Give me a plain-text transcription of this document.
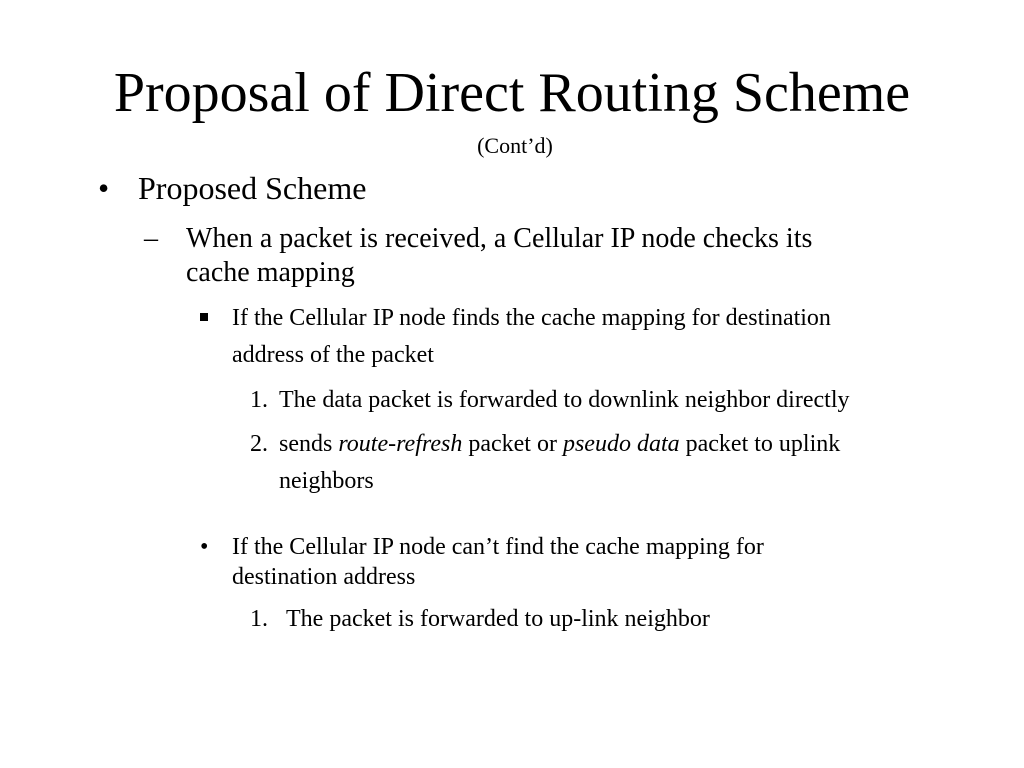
Proposal of Direct Routing Scheme
(Cont’d)
• Proposed Scheme
– When a packet is received, a Cellular IP node checks its
cache mapping
If the Cellular IP node finds the cache mapping for destination
address of the packet
1. The data packet is forwarded to downlink neighbor directly
2. sends route-refresh packet or pseudo data packet to uplink
neighbors
• If the Cellular IP node can’t find the cache mapping for
destination address
1. The packet is forwarded to up-link neighbor
